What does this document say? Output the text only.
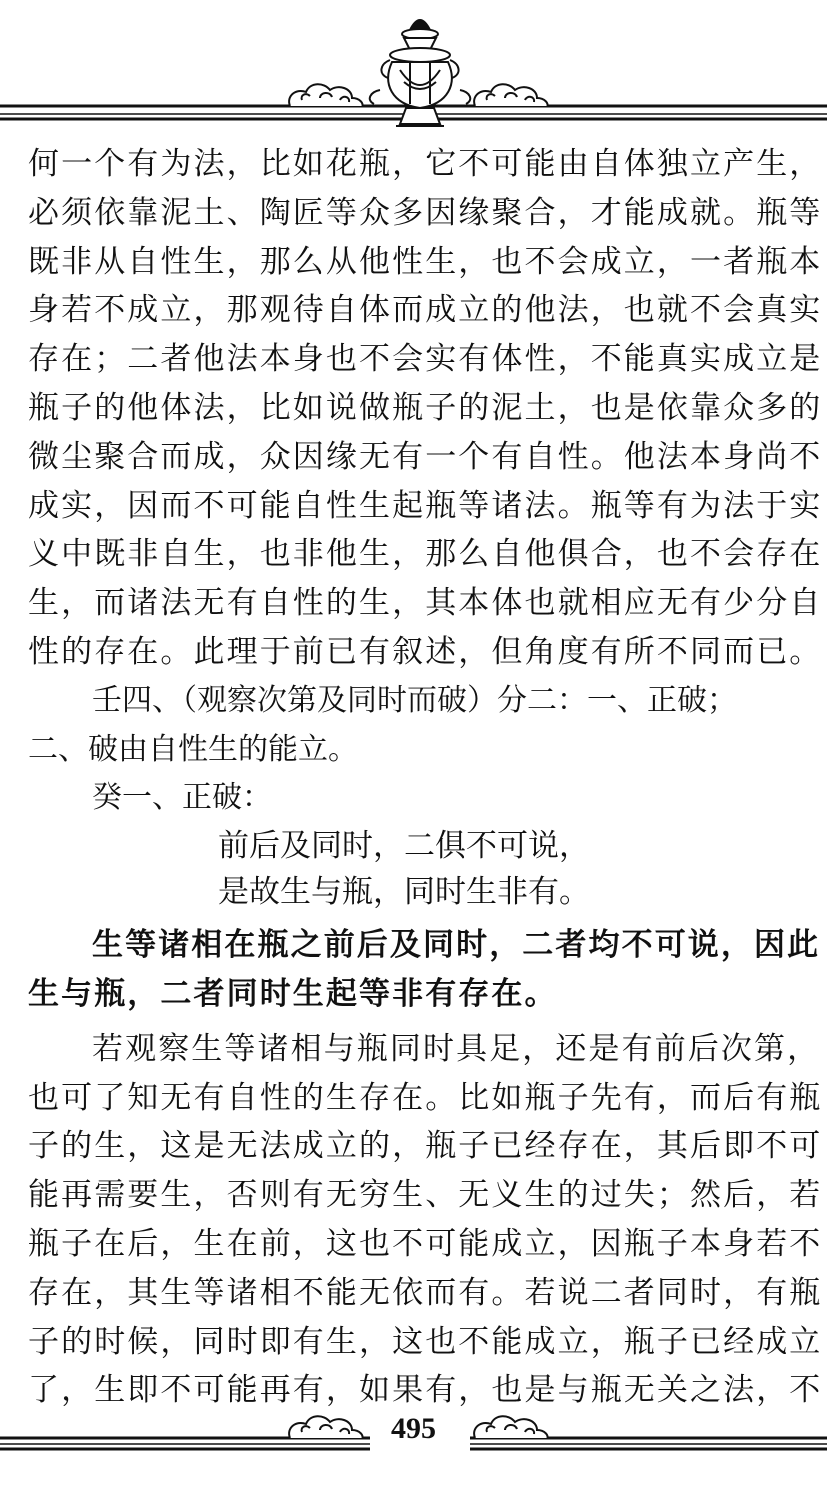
何一个有为法，比如花瓶，它不可能由自体独立产生，
必须依靠泥土、陶匠等众多因缘聚合，才能成就。瓶等
既非从自性生，那么从他性生，也不会成立，一者瓶本
身若不成立，那观待自体而成立的他法，也就不会真实
存在；二者他法本身也不会实有体性，不能真实成立是
瓶子的他体法，比如说做瓶子的泥土，也是依靠众多的
微尘聚合而成，众因缘无有一个有自性。他法本身尚不
成实，因而不可能自性生起瓶等诸法。瓶等有为法于实
义中既非自生，也非他生，那么自他俱合，也不会存在
生，而诸法无有自性的生，其本体也就相应无有少分自
性的存在。此理于前已有叙述，但角度有所不同而已。
壬四、（观察次第及同时而破）分二：一、正破；
二、破由自性生的能立。
癸一、正破：
前后及同时，二俱不可说，
是故生与瓶，同时生非有。
生等诸相在瓶之前后及同时，二者均不可说，因此
生与瓶，二者同时生起等非有存在。
若观察生等诸相与瓶同时具足，还是有前后次第，
也可了知无有自性的生存在。比如瓶子先有，而后有瓶
子的生，这是无法成立的，瓶子已经存在，其后即不可
能再需要生，否则有无穷生、无义生的过失；然后，若
瓶子在后，生在前，这也不可能成立，因瓶子本身若不
存在，其生等诸相不能无依而有。若说二者同时，有瓶
子的时候，同时即有生，这也不能成立，瓶子已经成立
了，生即不可能再有，如果有，也是与瓶无关之法，不
495
